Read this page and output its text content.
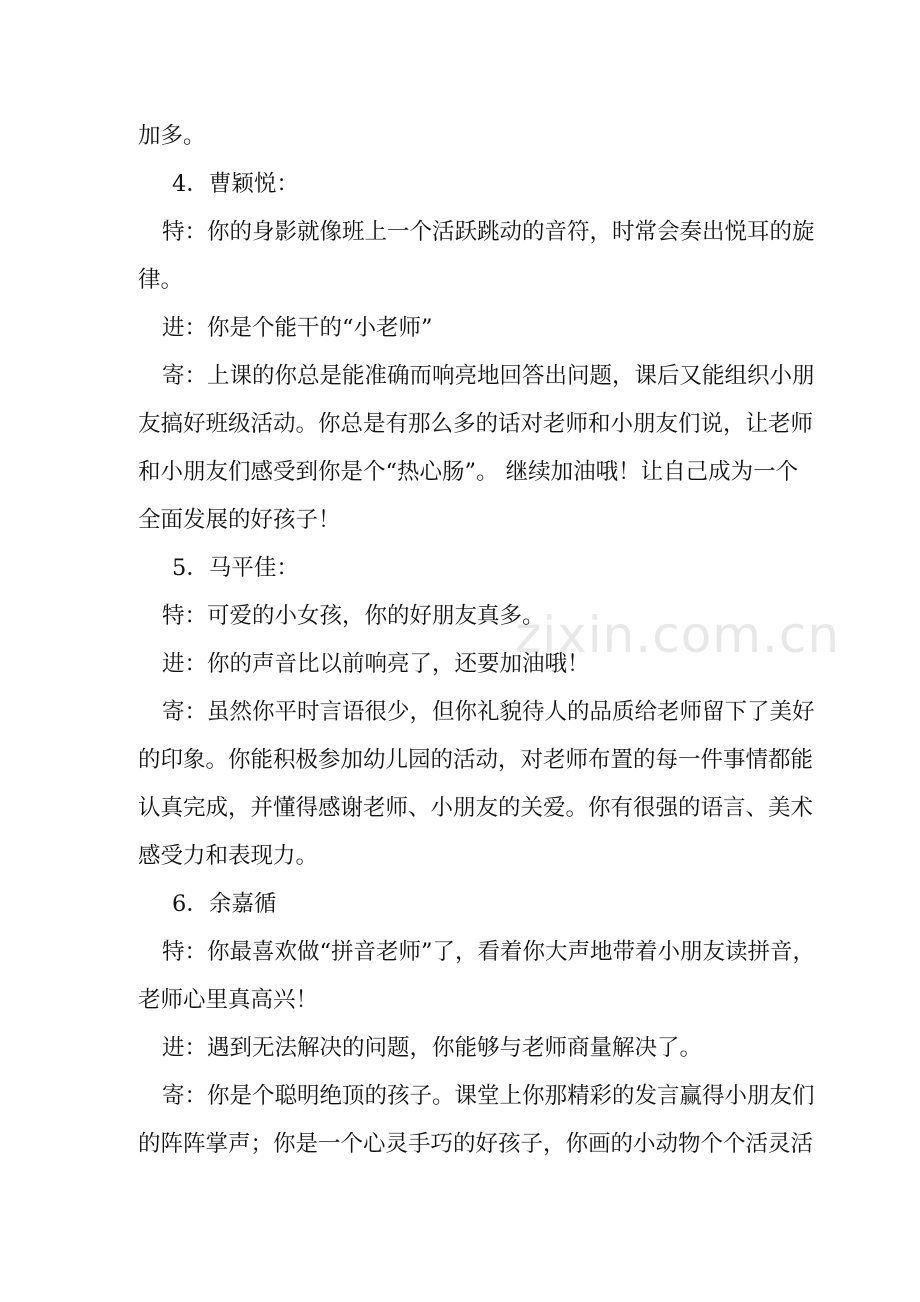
加多。
4．曹颖悦：
特：你的身影就像班上一个活跃跳动的音符，时常会奏出悦耳的旋
律。
进：你是个能干的“小老师”
寄：上课的你总是能准确而响亮地回答出问题，课后又能组织小朋
友搞好班级活动。你总是有那么多的话对老师和小朋友们说，让老师
和小朋友们感受到你是个“热心肠”。 继续加油哦！让自己成为一个
全面发展的好孩子！
5．马平佳：
特：可爱的小女孩，你的好朋友真多。
进：你的声音比以前响亮了，还要加油哦！
寄：虽然你平时言语很少，但你礼貌待人的品质给老师留下了美好
的印象。你能积极参加幼儿园的活动，对老师布置的每一件事情都能
认真完成，并懂得感谢老师、小朋友的关爱。你有很强的语言、美术
感受力和表现力。
6．余嘉循
特：你最喜欢做“拼音老师”了，看着你大声地带着小朋友读拼音，
老师心里真高兴！
进：遇到无法解决的问题，你能够与老师商量解决了。
寄：你是个聪明绝顶的孩子。课堂上你那精彩的发言赢得小朋友们
的阵阵掌声；你是一个心灵手巧的好孩子，你画的小动物个个活灵活
zixin.com.cn
